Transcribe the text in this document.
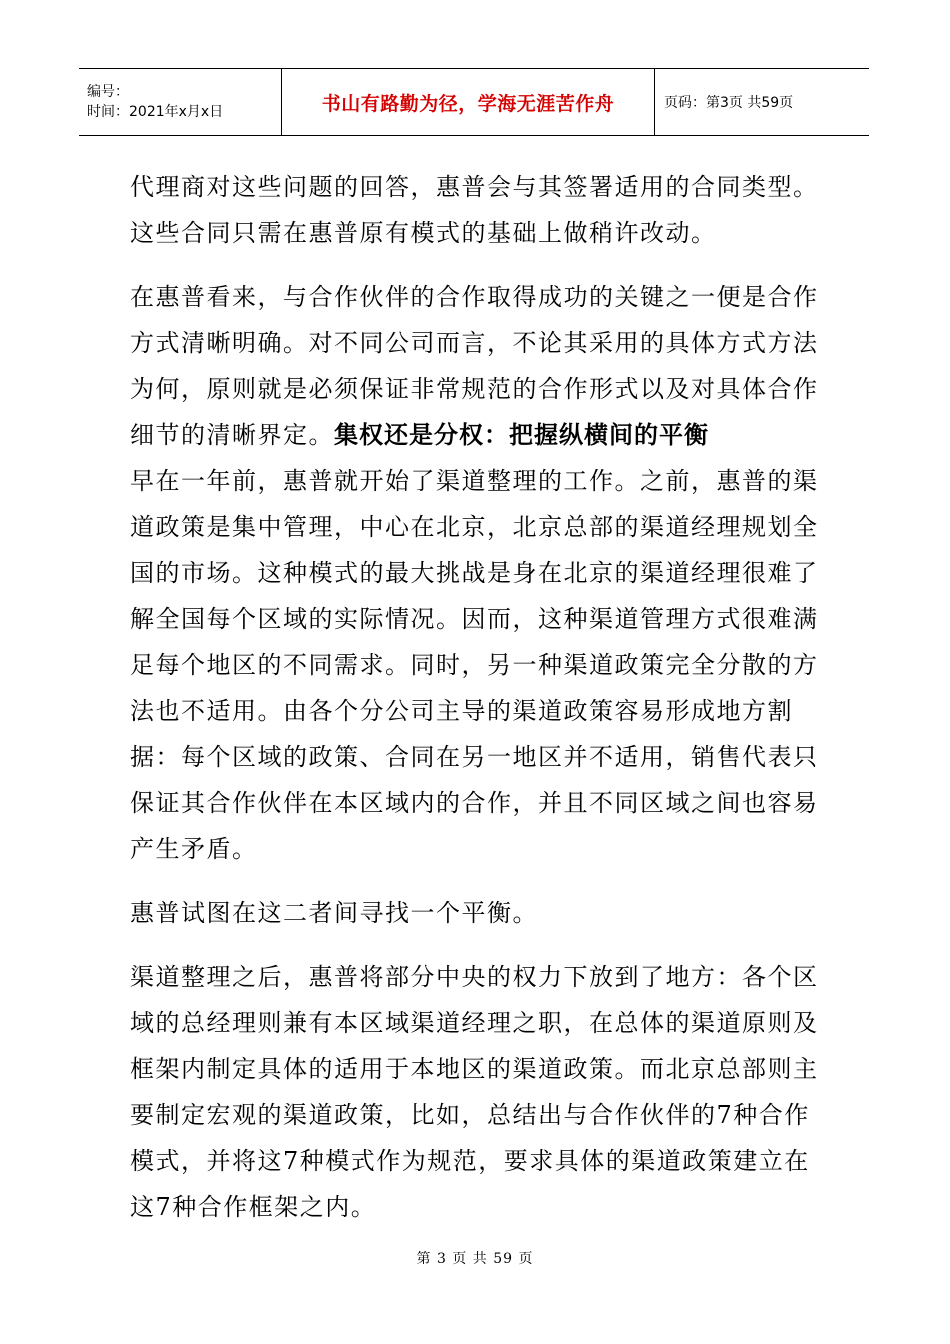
编号：
时间：2021年x月x日	书山有路勤为径，学海无涯苦作舟	页码：第3页 共59页

代理商对这些问题的回答，惠普会与其签署适用的合同类型。这些合同只需在惠普原有模式的基础上做稍许改动。

在惠普看来，与合作伙伴的合作取得成功的关键之一便是合作方式清晰明确。对不同公司而言，不论其采用的具体方式方法为何，原则就是必须保证非常规范的合作形式以及对具体合作细节的清晰界定。集权还是分权：把握纵横间的平衡

早在一年前，惠普就开始了渠道整理的工作。之前，惠普的渠道政策是集中管理，中心在北京，北京总部的渠道经理规划全国的市场。这种模式的最大挑战是身在北京的渠道经理很难了解全国每个区域的实际情况。因而，这种渠道管理方式很难满足每个地区的不同需求。同时，另一种渠道政策完全分散的方法也不适用。由各个分公司主导的渠道政策容易形成地方割据：每个区域的政策、合同在另一地区并不适用，销售代表只保证其合作伙伴在本区域内的合作，并且不同区域之间也容易产生矛盾。

惠普试图在这二者间寻找一个平衡。

渠道整理之后，惠普将部分中央的权力下放到了地方：各个区域的总经理则兼有本区域渠道经理之职，在总体的渠道原则及框架内制定具体的适用于本地区的渠道政策。而北京总部则主要制定宏观的渠道政策，比如，总结出与合作伙伴的7种合作模式，并将这7种模式作为规范，要求具体的渠道政策建立在这7种合作框架之内。

第 3 页 共 59 页
